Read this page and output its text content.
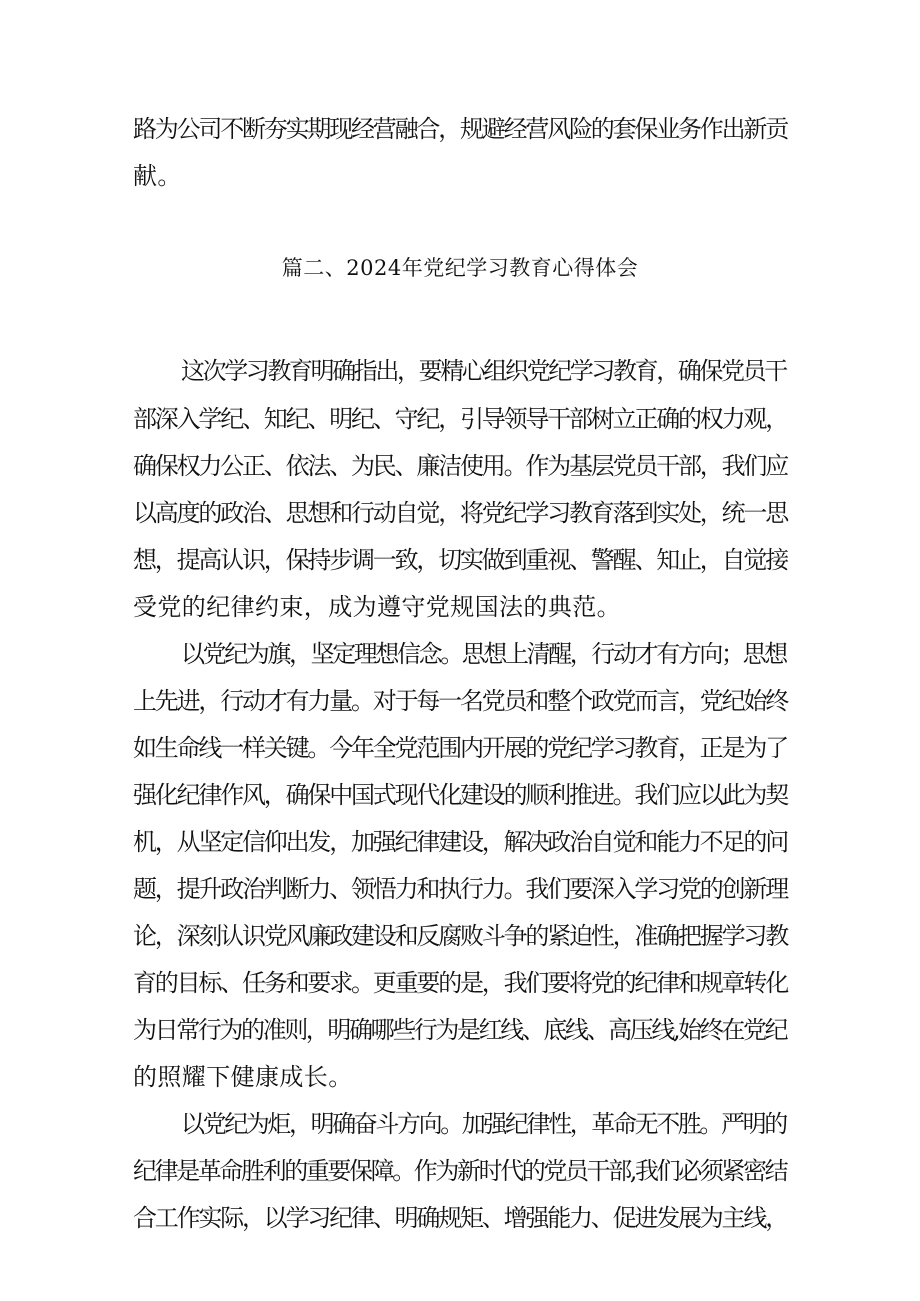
路为公司不断夯实期现经营融合，规避经营风险的套保业务作出新贡
献。
篇二、2024年党纪学习教育心得体会
这次学习教育明确指出，要精心组织党纪学习教育，确保党员干
部深入学纪、知纪、明纪、守纪，引导领导干部树立正确的权力观，
确保权力公正、依法、为民、廉洁使用。作为基层党员干部，我们应
以高度的政治、思想和行动自觉，将党纪学习教育落到实处，统一思
想，提高认识，保持步调一致，切实做到重视、警醒、知止，自觉接
受党的纪律约束，成为遵守党规国法的典范。
以党纪为旗，坚定理想信念。思想上清醒，行动才有方向；思想
上先进，行动才有力量。对于每一名党员和整个政党而言，党纪始终
如生命线一样关键。今年全党范围内开展的党纪学习教育，正是为了
强化纪律作风，确保中国式现代化建设的顺利推进。我们应以此为契
机，从坚定信仰出发，加强纪律建设，解决政治自觉和能力不足的问
题，提升政治判断力、领悟力和执行力。我们要深入学习党的创新理
论，深刻认识党风廉政建设和反腐败斗争的紧迫性，准确把握学习教
育的目标、任务和要求。更重要的是，我们要将党的纪律和规章转化
为日常行为的准则，明确哪些行为是红线、底线、高压线,始终在党纪
的照耀下健康成长。
以党纪为炬，明确奋斗方向。加强纪律性，革命无不胜。严明的
纪律是革命胜利的重要保障。作为新时代的党员干部,我们必须紧密结
合工作实际，以学习纪律、明确规矩、增强能力、促进发展为主线，
